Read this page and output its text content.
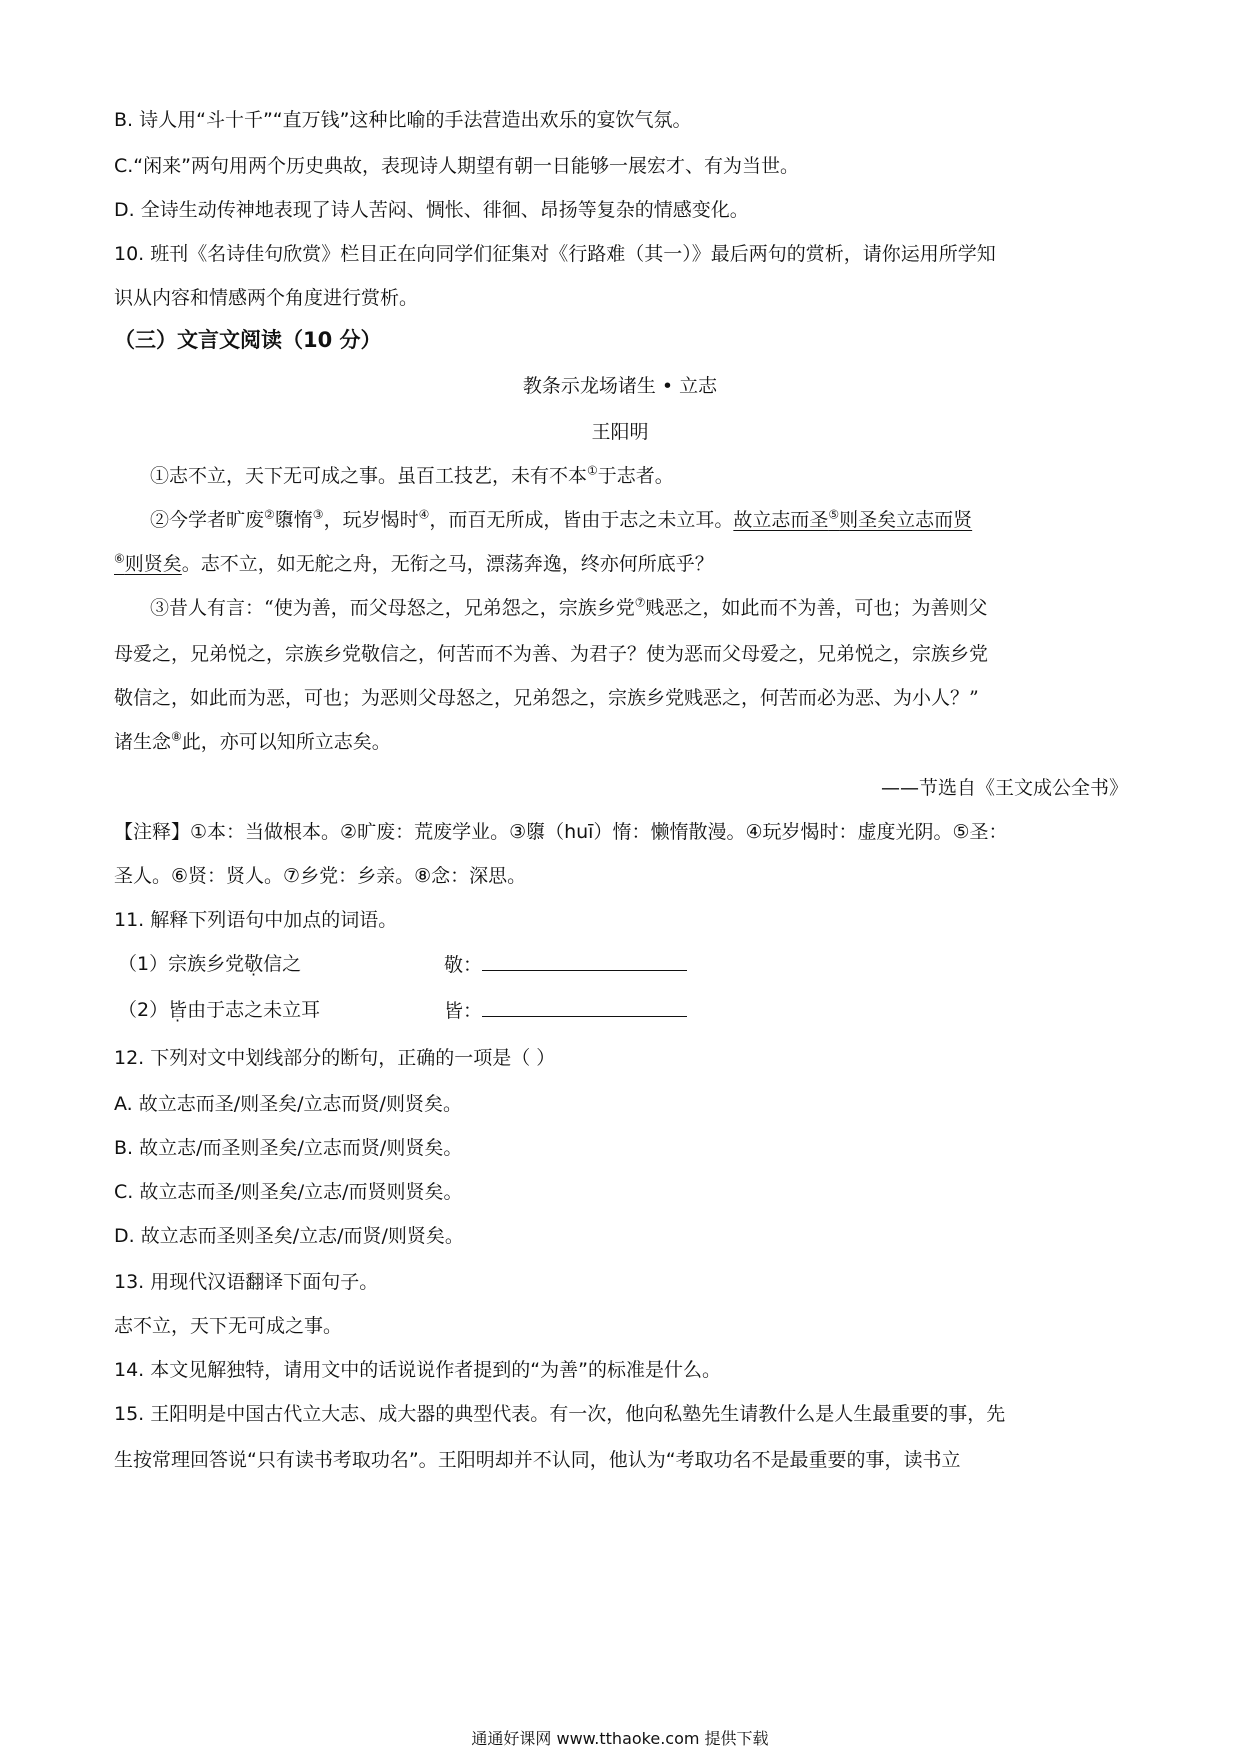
B. 诗人用“斗十千”“直万钱”这种比喻的手法营造出欢乐的宴饮气氛。
C.“闲来”两句用两个历史典故，表现诗人期望有朝一日能够一展宏才、有为当世。
D. 全诗生动传神地表现了诗人苦闷、惆怅、徘徊、昂扬等复杂的情感变化。
10. 班刊《名诗佳句欣赏》栏目正在向同学们征集对《行路难（其一）》最后两句的赏析，请你运用所学知
识从内容和情感两个角度进行赏析。
（三）文言文阅读（10 分）
教条示龙场诸生 • 立志
王阳明
①志不立，天下无可成之事。虽百工技艺，未有不本①于志者。
②今学者旷废②隳惰③，玩岁愒时④，而百无所成，皆由于志之未立耳。故立志而圣⑤则圣矣立志而贤
⑥则贤矣。志不立，如无舵之舟，无衔之马，漂荡奔逸，终亦何所底乎？
③昔人有言：“使为善，而父母怒之，兄弟怨之，宗族乡党⑦贱恶之，如此而不为善，可也；为善则父
母爱之，兄弟悦之，宗族乡党敬信之，何苦而不为善、为君子？使为恶而父母爱之，兄弟悦之，宗族乡党
敬信之，如此而为恶，可也；为恶则父母怒之，兄弟怨之，宗族乡党贱恶之，何苦而必为恶、为小人？”
诸生念⑧此，亦可以知所立志矣。
——节选自《王文成公全书》
【注释】①本：当做根本。②旷废：荒废学业。③隳（huī）惰：懒惰散漫。④玩岁愒时：虚度光阴。⑤圣：
圣人。⑥贤：贤人。⑦乡党：乡亲。⑧念：深思。
11. 解释下列语句中加点的词语。
（1）宗族乡党敬信之	敬：
（2）皆由于志之未立耳	皆：
12. 下列对文中划线部分的断句，正确的一项是（ ）
A. 故立志而圣/则圣矣/立志而贤/则贤矣。
B. 故立志/而圣则圣矣/立志而贤/则贤矣。
C. 故立志而圣/则圣矣/立志/而贤则贤矣。
D. 故立志而圣则圣矣/立志/而贤/则贤矣。
13. 用现代汉语翻译下面句子。
志不立，天下无可成之事。
14. 本文见解独特，请用文中的话说说作者提到的“为善”的标准是什么。
15. 王阳明是中国古代立大志、成大器的典型代表。有一次，他向私塾先生请教什么是人生最重要的事，先
生按常理回答说“只有读书考取功名”。王阳明却并不认同，他认为“考取功名不是最重要的事，读书立
通通好课网 www.tthaoke.com 提供下载
